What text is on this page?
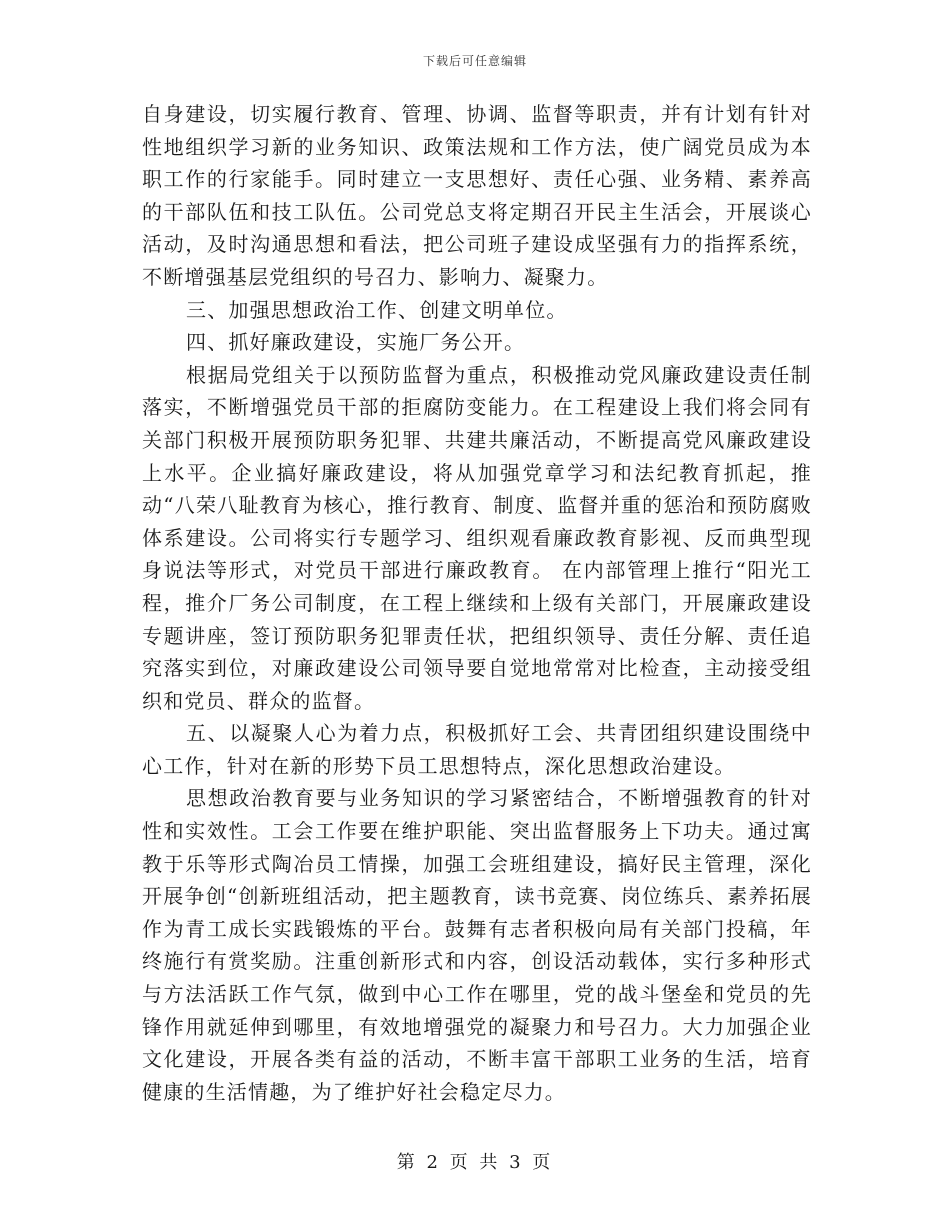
下载后可任意编辑

自身建设，切实履行教育、管理、协调、监督等职责，并有计划有针对性地组织学习新的业务知识、政策法规和工作方法，使广阔党员成为本职工作的行家能手。同时建立一支思想好、责任心强、业务精、素养高的干部队伍和技工队伍。公司党总支将定期召开民主生活会，开展谈心活动，及时沟通思想和看法，把公司班子建设成坚强有力的指挥系统，不断增强基层党组织的号召力、影响力、凝聚力。

三、加强思想政治工作、创建文明单位。

四、抓好廉政建设，实施厂务公开。

根据局党组关于以预防监督为重点，积极推动党风廉政建设责任制落实，不断增强党员干部的拒腐防变能力。在工程建设上我们将会同有关部门积极开展预防职务犯罪、共建共廉活动，不断提高党风廉政建设上水平。企业搞好廉政建设，将从加强党章学习和法纪教育抓起，推动“八荣八耻教育为核心，推行教育、制度、监督并重的惩治和预防腐败体系建设。公司将实行专题学习、组织观看廉政教育影视、反而典型现身说法等形式，对党员干部进行廉政教育。 在内部管理上推行“阳光工程，推介厂务公司制度，在工程上继续和上级有关部门，开展廉政建设专题讲座，签订预防职务犯罪责任状，把组织领导、责任分解、责任追究落实到位，对廉政建设公司领导要自觉地常常对比检查，主动接受组织和党员、群众的监督。

五、以凝聚人心为着力点，积极抓好工会、共青团组织建设围绕中心工作，针对在新的形势下员工思想特点，深化思想政治建设。

思想政治教育要与业务知识的学习紧密结合，不断增强教育的针对性和实效性。工会工作要在维护职能、突出监督服务上下功夫。通过寓教于乐等形式陶冶员工情操，加强工会班组建设，搞好民主管理，深化开展争创“创新班组活动，把主题教育，读书竞赛、岗位练兵、素养拓展作为青工成长实践锻炼的平台。鼓舞有志者积极向局有关部门投稿，年终施行有赏奖励。注重创新形式和内容，创设活动载体，实行多种形式与方法活跃工作气氛，做到中心工作在哪里，党的战斗堡垒和党员的先锋作用就延伸到哪里，有效地增强党的凝聚力和号召力。大力加强企业文化建设，开展各类有益的活动，不断丰富干部职工业务的生活，培育健康的生活情趣，为了维护好社会稳定尽力。

第 2 页 共 3 页
